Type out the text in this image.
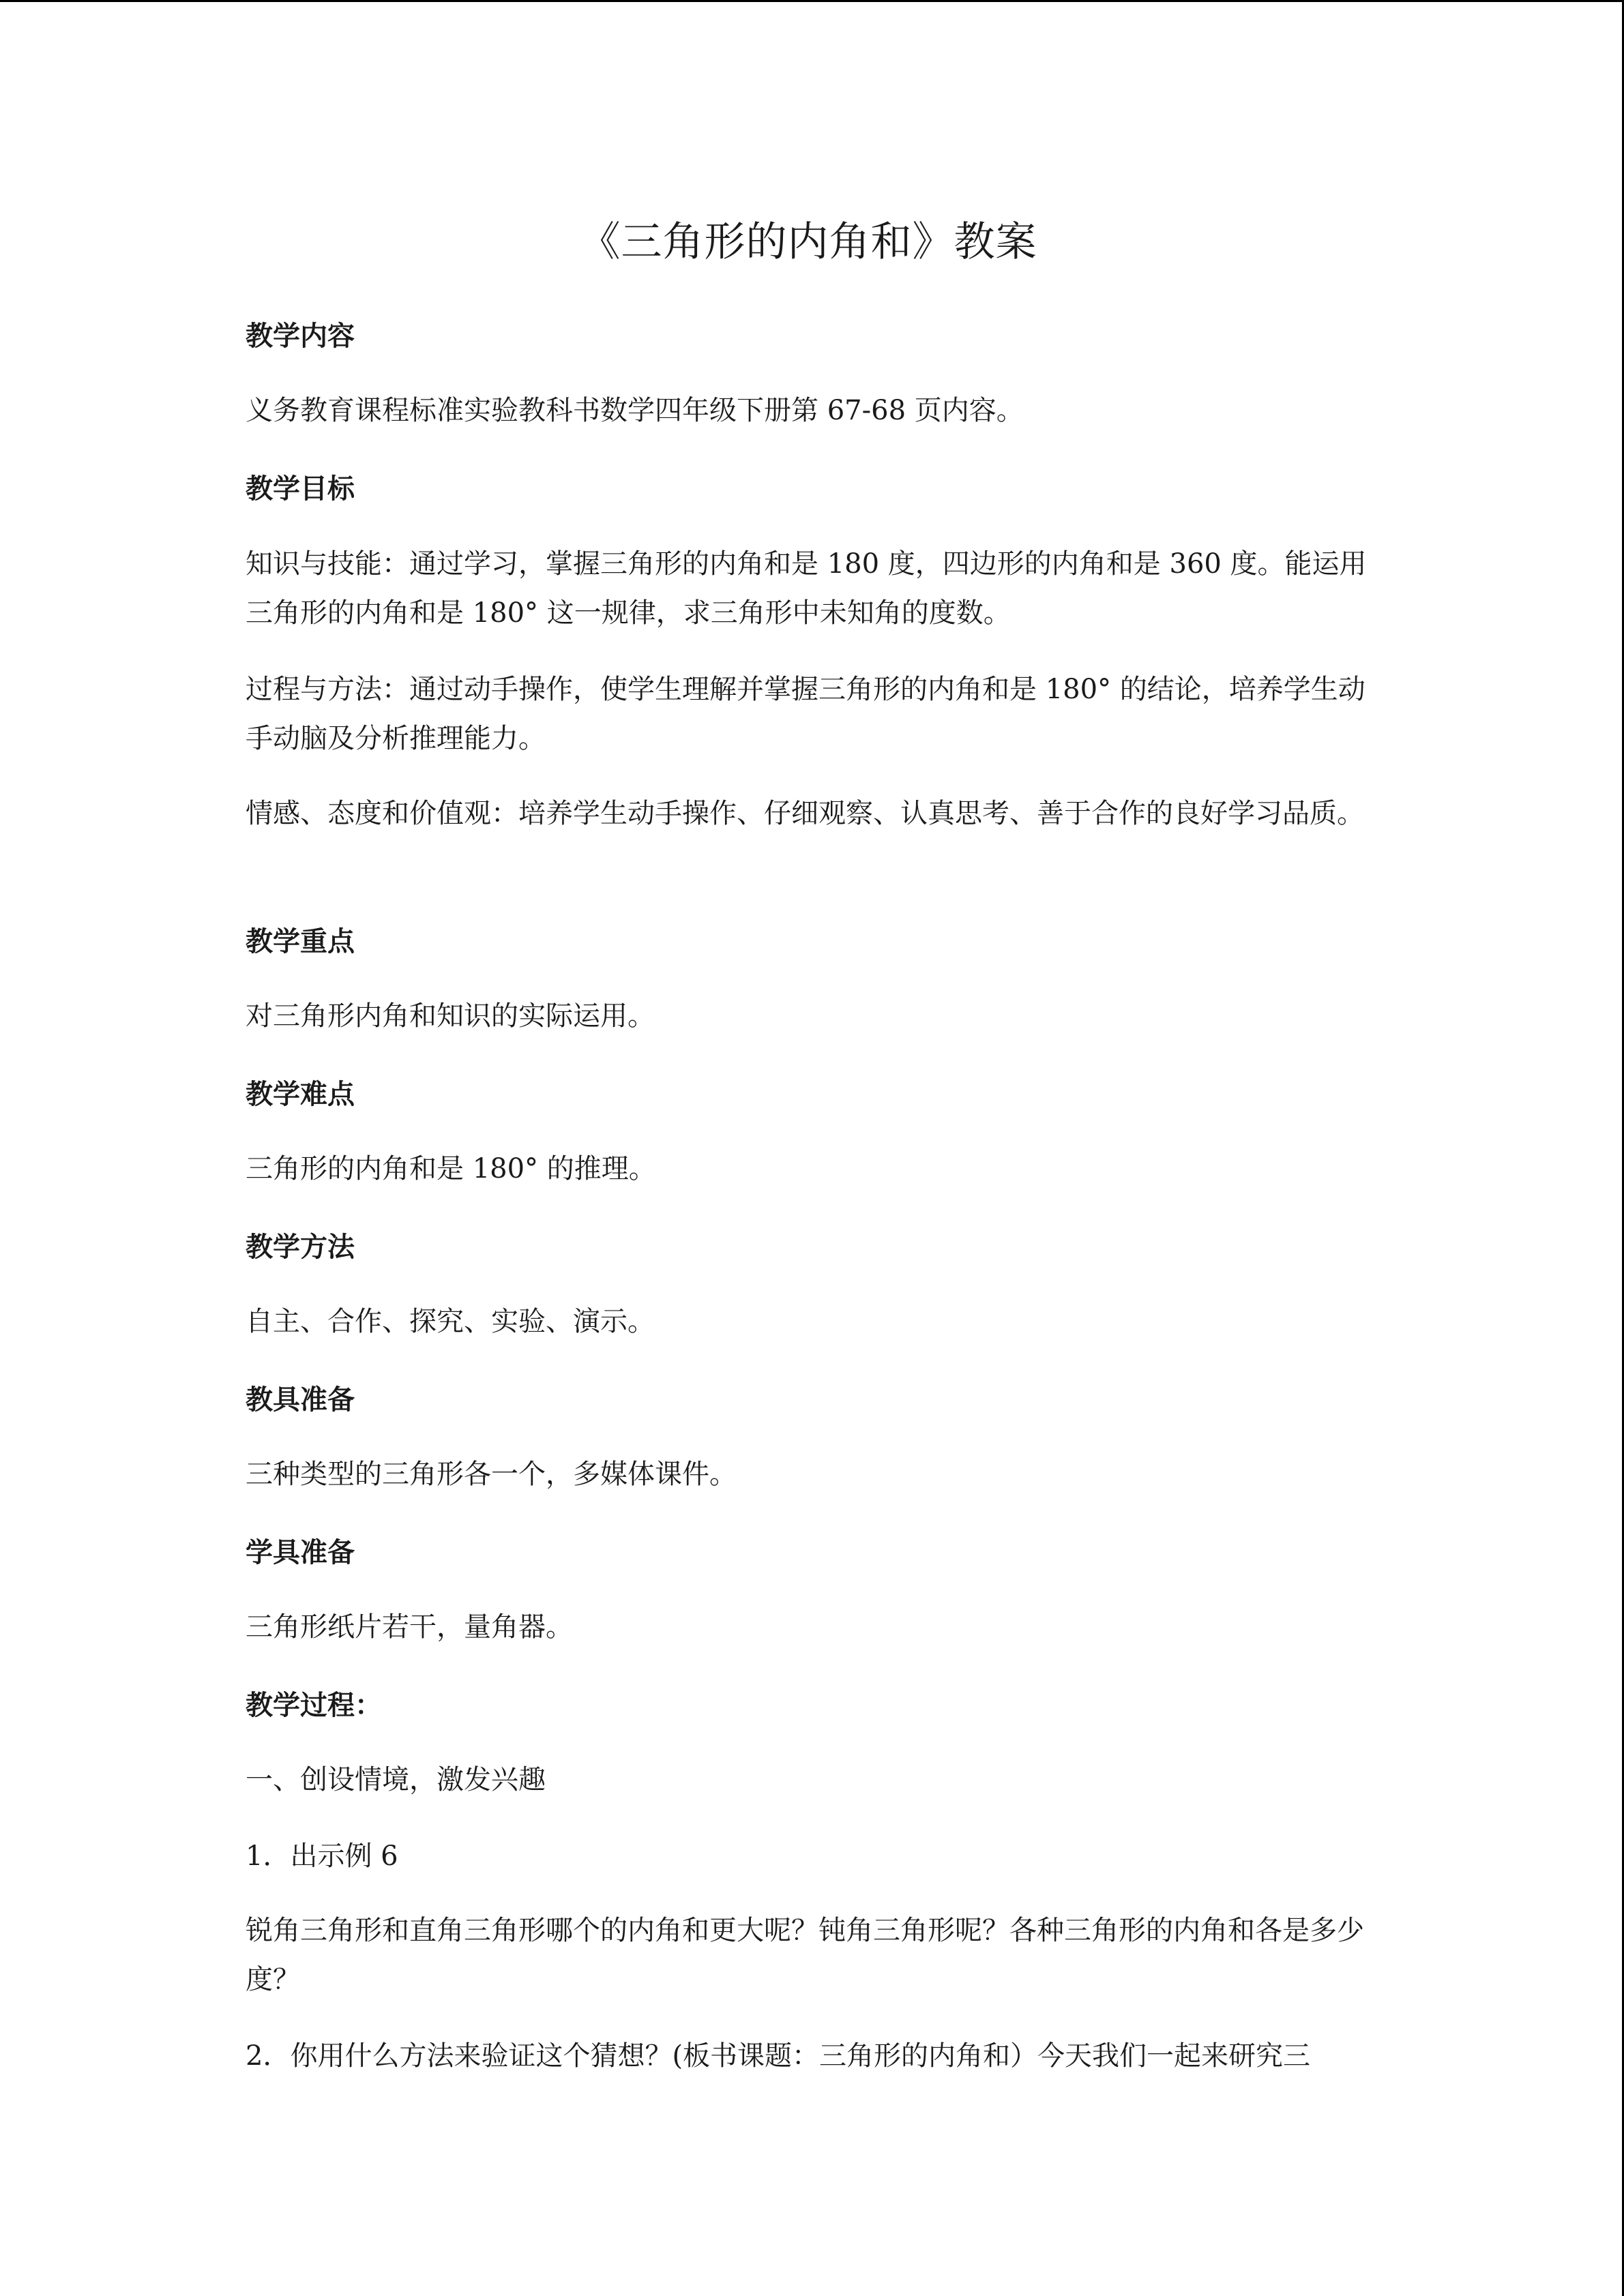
《三角形的内角和》教案

教学内容

义务教育课程标准实验教科书数学四年级下册第 67-68 页内容。

教学目标

知识与技能：通过学习，掌握三角形的内角和是 180 度，四边形的内角和是 360 度。能运用三角形的内角和是 180° 这一规律，求三角形中未知角的度数。

过程与方法：通过动手操作，使学生理解并掌握三角形的内角和是 180° 的结论，培养学生动手动脑及分析推理能力。

情感、态度和价值观：培养学生动手操作、仔细观察、认真思考、善于合作的良好学习品质。

教学重点

对三角形内角和知识的实际运用。

教学难点

三角形的内角和是 180° 的推理。

教学方法

自主、合作、探究、实验、演示。

教具准备

三种类型的三角形各一个，多媒体课件。

学具准备

三角形纸片若干，量角器。

教学过程：

一、创设情境，激发兴趣

1．出示例 6

锐角三角形和直角三角形哪个的内角和更大呢？钝角三角形呢？各种三角形的内角和各是多少度？

2．你用什么方法来验证这个猜想？(板书课题：三角形的内角和）今天我们一起来研究三
